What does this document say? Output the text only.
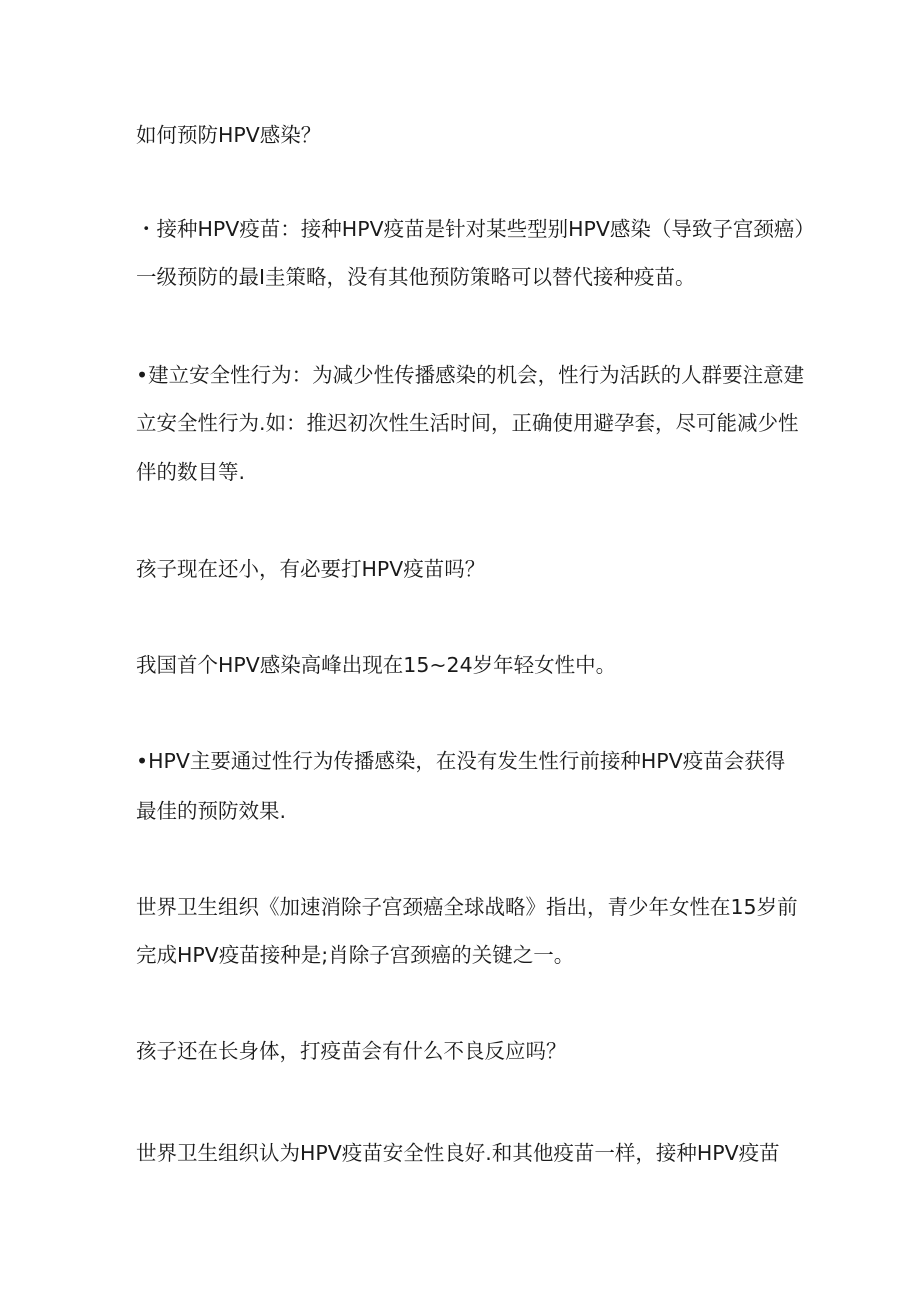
如何预防HPV感染？
・接种HPV疫苗：接种HPV疫苗是针对某些型别HPV感染（导致子宫颈癌）
一级预防的最I圭策略，没有其他预防策略可以替代接种疫苗。
•建立安全性行为：为减少性传播感染的机会，性行为活跃的人群要注意建
立安全性行为.如：推迟初次性生活时间，正确使用避孕套，尽可能减少性
伴的数目等.
孩子现在还小，有必要打HPV疫苗吗？
我国首个HPV感染高峰出现在15~24岁年轻女性中。
•HPV主要通过性行为传播感染，在没有发生性行前接种HPV疫苗会获得
最佳的预防效果.
世界卫生组织《加速消除子宫颈癌全球战略》指出，青少年女性在15岁前
完成HPV疫苗接种是;肖除子宫颈癌的关键之一。
孩子还在长身体，打疫苗会有什么不良反应吗？
世界卫生组织认为HPV疫苗安全性良好.和其他疫苗一样，接种HPV疫苗
